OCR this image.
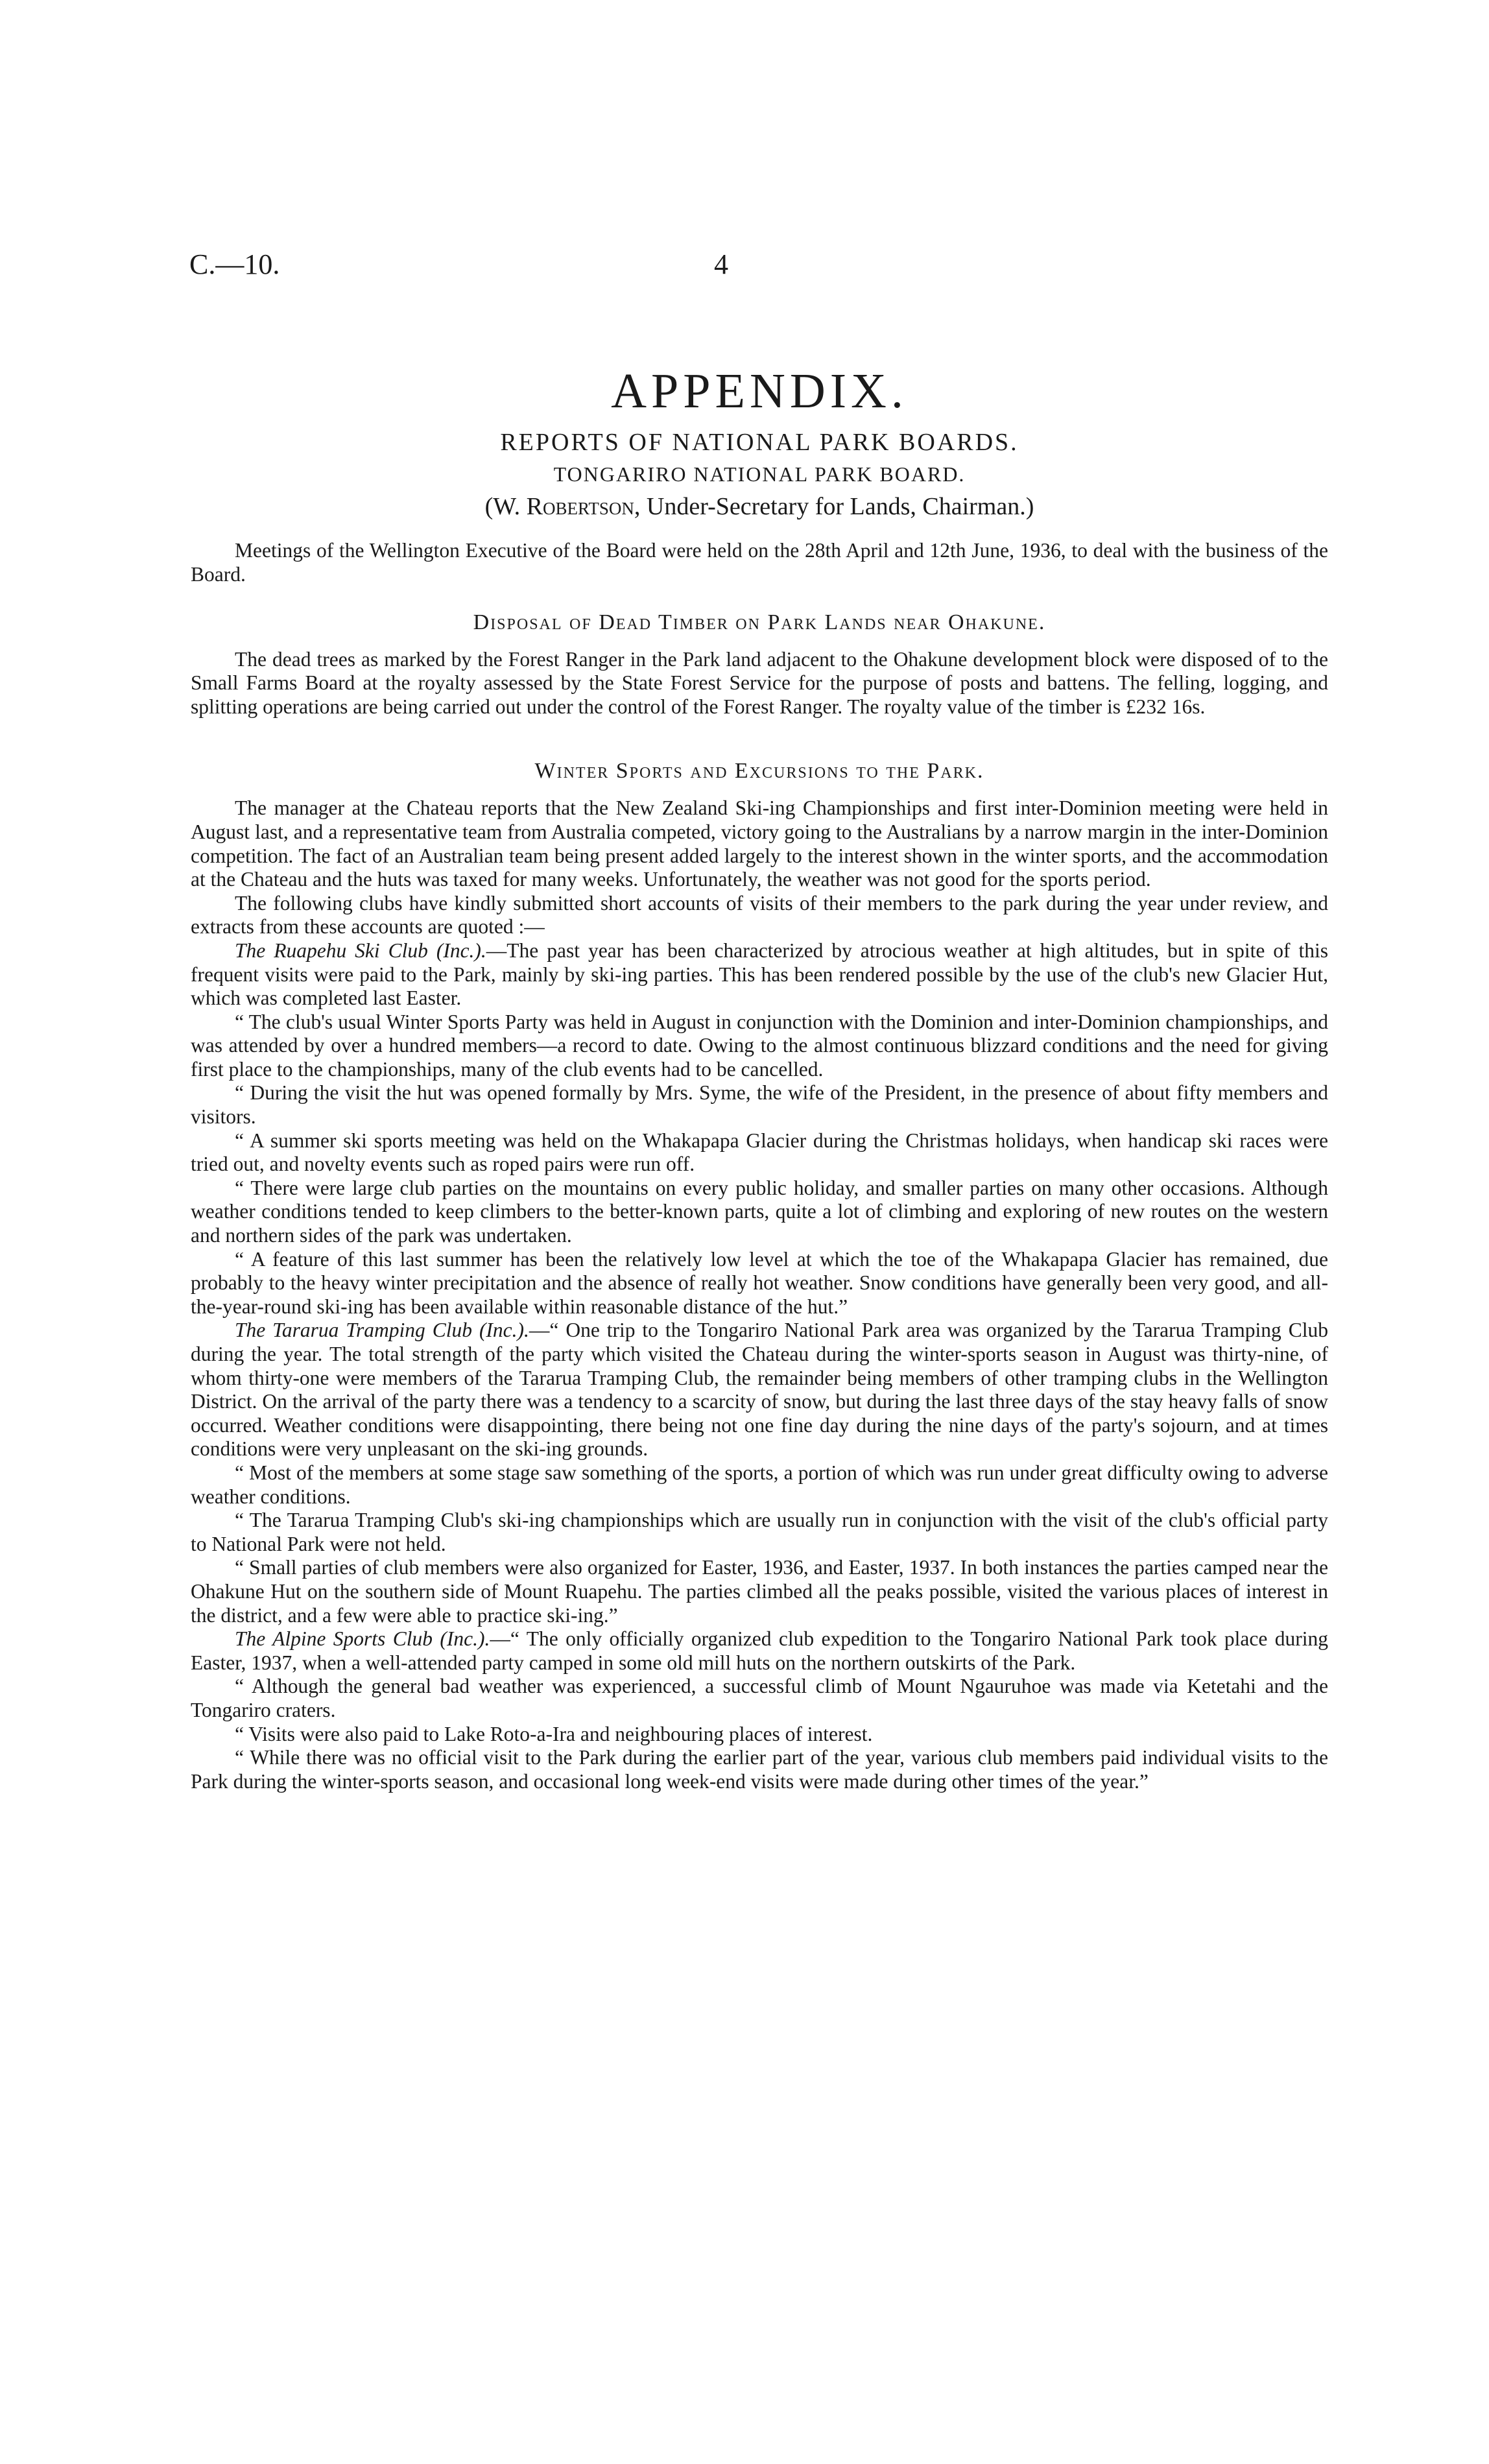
C.—10.	4
APPENDIX.
REPORTS OF NATIONAL PARK BOARDS.
TONGARIRO NATIONAL PARK BOARD.
(W. Robertson, Under-Secretary for Lands, Chairman.)

Meetings of the Wellington Executive of the Board were held on the 28th April and 12th June, 1936, to deal with the business of the Board.

Disposal of Dead Timber on Park Lands near Ohakune.

The dead trees as marked by the Forest Ranger in the Park land adjacent to the Ohakune development block were disposed of to the Small Farms Board at the royalty assessed by the State Forest Service for the purpose of posts and battens. The felling, logging, and splitting operations are being carried out under the control of the Forest Ranger. The royalty value of the timber is £232 16s.

Winter Sports and Excursions to the Park.

The manager at the Chateau reports that the New Zealand Ski-ing Championships and first inter-Dominion meeting were held in August last, and a representative team from Australia competed, victory going to the Australians by a narrow margin in the inter-Dominion competition. The fact of an Australian team being present added largely to the interest shown in the winter sports, and the accommodation at the Chateau and the huts was taxed for many weeks. Unfortunately, the weather was not good for the sports period.

The following clubs have kindly submitted short accounts of visits of their members to the park during the year under review, and extracts from these accounts are quoted :—

The Ruapehu Ski Club (Inc.).—The past year has been characterized by atrocious weather at high altitudes, but in spite of this frequent visits were paid to the Park, mainly by ski-ing parties. This has been rendered possible by the use of the club's new Glacier Hut, which was completed last Easter.

“ The club's usual Winter Sports Party was held in August in conjunction with the Dominion and inter-Dominion championships, and was attended by over a hundred members—a record to date. Owing to the almost continuous blizzard conditions and the need for giving first place to the championships, many of the club events had to be cancelled.

“ During the visit the hut was opened formally by Mrs. Syme, the wife of the President, in the presence of about fifty members and visitors.

“ A summer ski sports meeting was held on the Whakapapa Glacier during the Christmas holidays, when handicap ski races were tried out, and novelty events such as roped pairs were run off.

“ There were large club parties on the mountains on every public holiday, and smaller parties on many other occasions. Although weather conditions tended to keep climbers to the better-known parts, quite a lot of climbing and exploring of new routes on the western and northern sides of the park was undertaken.

“ A feature of this last summer has been the relatively low level at which the toe of the Whakapapa Glacier has remained, due probably to the heavy winter precipitation and the absence of really hot weather. Snow conditions have generally been very good, and all-the-year-round ski-ing has been available within reasonable distance of the hut.”

The Tararua Tramping Club (Inc.).—“ One trip to the Tongariro National Park area was organized by the Tararua Tramping Club during the year. The total strength of the party which visited the Chateau during the winter-sports season in August was thirty-nine, of whom thirty-one were members of the Tararua Tramping Club, the remainder being members of other tramping clubs in the Wellington District. On the arrival of the party there was a tendency to a scarcity of snow, but during the last three days of the stay heavy falls of snow occurred. Weather conditions were disappointing, there being not one fine day during the nine days of the party's sojourn, and at times conditions were very unpleasant on the ski-ing grounds.

“ Most of the members at some stage saw something of the sports, a portion of which was run under great difficulty owing to adverse weather conditions.

“ The Tararua Tramping Club's ski-ing championships which are usually run in conjunction with the visit of the club's official party to National Park were not held.

“ Small parties of club members were also organized for Easter, 1936, and Easter, 1937. In both instances the parties camped near the Ohakune Hut on the southern side of Mount Ruapehu. The parties climbed all the peaks possible, visited the various places of interest in the district, and a few were able to practice ski-ing.”

The Alpine Sports Club (Inc.).—“ The only officially organized club expedition to the Tongariro National Park took place during Easter, 1937, when a well-attended party camped in some old mill huts on the northern outskirts of the Park.

“ Although the general bad weather was experienced, a successful climb of Mount Ngauruhoe was made via Ketetahi and the Tongariro craters.

“ Visits were also paid to Lake Roto-a-Ira and neighbouring places of interest.

“ While there was no official visit to the Park during the earlier part of the year, various club members paid individual visits to the Park during the winter-sports season, and occasional long week-end visits were made during other times of the year.”
